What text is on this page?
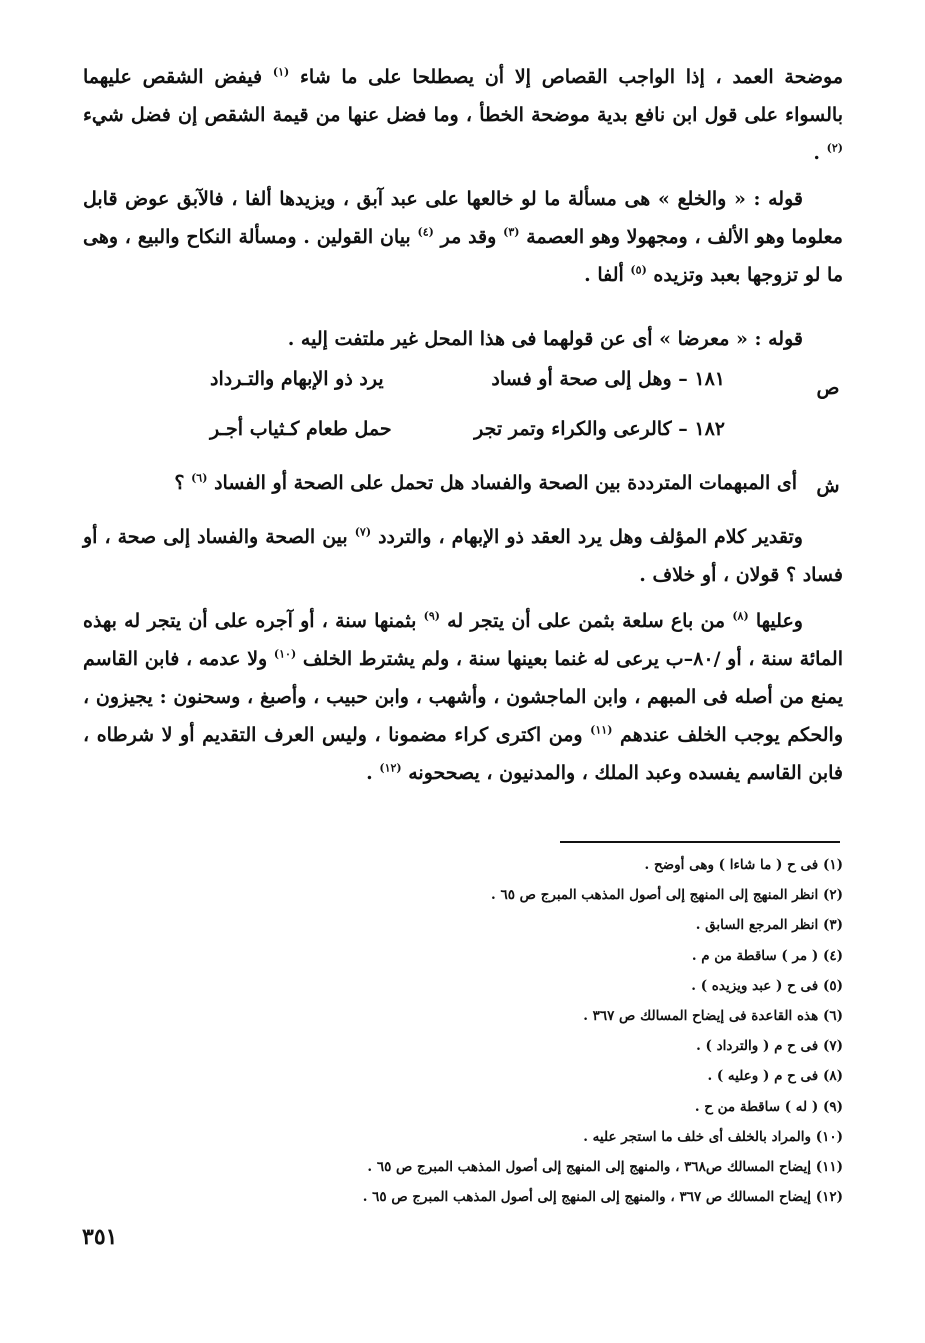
موضحة العمد ، إذا الواجب القصاص إلا أن يصطلحا على ما شاء $^{(١)}$ فيفض الشقص عليهما بالسواء على قول ابن نافع بدية موضحة الخطأ ، وما فضل عنها من قيمة الشقص إن فضل شيء $^{(٢)}$ .
قوله : « والخلع » هى مسألة ما لو خالعها على عبد آبق ، ويزيدها ألفا ، فالآبق عوض قابل معلوما وهو الألف ، ومجهولا وهو العصمة $^{(٣)}$ وقد مر $^{(٤)}$ بيان القولين . ومسألة النكاح والبيع ، وهى ما لو تزوجها بعبد وتزيده $^{(٥)}$ ألفا .
قوله : « معرضا » أى عن قولهما فى هذا المحل غير ملتفت إليه .
ص
١٨١ – وهل إلى صحة أو فساد
يرد ذو الإبهام والتـرداد
١٨٢ – كالرعى والكراء وتمر تجر
حمل طعام كـثياب أجـر
ش
أى المبهمات المترددة بين الصحة والفساد هل تحمل على الصحة أو الفساد $^{(٦)}$ ؟
وتقدير كلام المؤلف وهل يرد العقد ذو الإبهام ، والتردد $^{(٧)}$ بين الصحة والفساد إلى صحة ، أو فساد ؟ قولان ، أو خلاف .
وعليها $^{(٨)}$ من باع سلعة بثمن على أن يتجر له $^{(٩)}$ بثمنها سنة ، أو آجره على أن يتجر له بهذه المائة سنة ، أو /٨٠–ب يرعى له غنما بعينها سنة ، ولم يشترط الخلف $^{(١٠)}$ ولا عدمه ، فابن القاسم يمنع من أصله فى المبهم ، وابن الماجشون ، وأشهب ، وابن حبيب ، وأصبغ ، وسحنون : يجيزون ، والحكم يوجب الخلف عندهم $^{(١١)}$ ومن اكترى كراء مضمونا ، وليس العرف التقديم أو لا شرطاه ، فابن القاسم يفسده وعبد الملك ، والمدنيون ، يصححونه $^{(١٢)}$ .
(١) فى ح ( ما شاءا ) وهى أوضح .
(٢) انظر المنهج إلى المنهج إلى أصول المذهب المبرج ص ٦٥ .
(٣) انظر المرجع السابق .
(٤) ( مر ) ساقطة من م .
(٥) فى ح ( عبد ويزيده ) .
(٦) هذه القاعدة فى إيضاح المسالك ص ٣٦٧ .
(٧) فى ح م ( والترداد ) .
(٨) فى ح م ( وعليه ) .
(٩) ( له ) ساقطة من ح .
(١٠) والمراد بالخلف أى خلف ما استجر عليه .
(١١) إيضاح المسالك ص٣٦٨ ، والمنهج إلى المنهج إلى أصول المذهب المبرج ص ٦٥ .
(١٢) إيضاح المسالك ص ٣٦٧ ، والمنهج إلى المنهج إلى أصول المذهب المبرج ص ٦٥ .
٣٥١
